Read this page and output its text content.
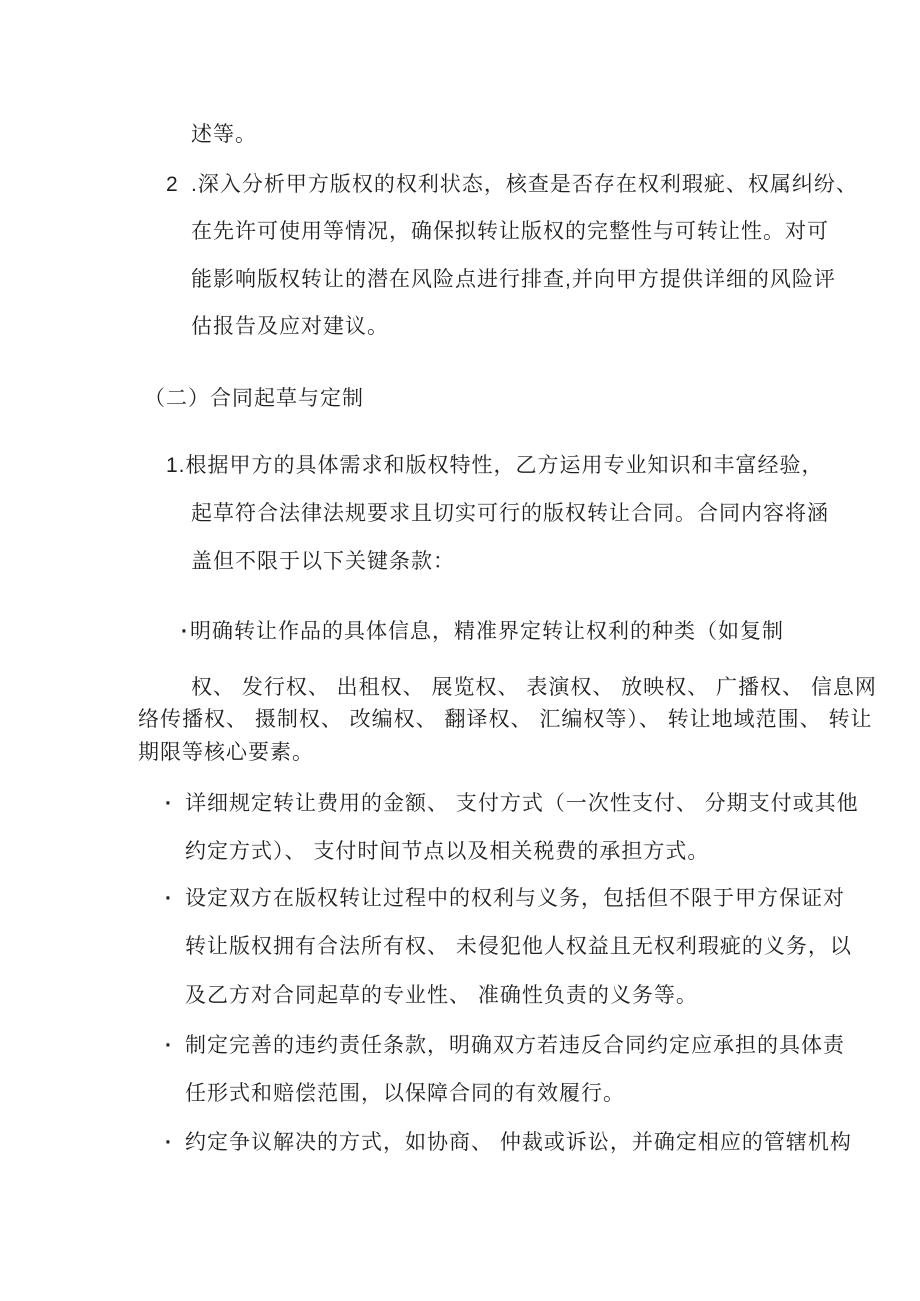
述等。
2 .深入分析甲方版权的权利状态，核查是否存在权利瑕疵、权属纠纷、
在先许可使用等情况，确保拟转让版权的完整性与可转让性。对可
能影响版权转让的潜在风险点进行排查,并向甲方提供详细的风险评
估报告及应对建议。
（二）合同起草与定制
1.根据甲方的具体需求和版权特性，乙方运用专业知识和丰富经验，
起草符合法律法规要求且切实可行的版权转让合同。合同内容将涵
盖但不限于以下关键条款：
· 明确转让作品的具体信息，精准界定转让权利的种类（如复制
权、 发行权、 出租权、 展览权、 表演权、 放映权、 广播权、 信息网
络传播权、 摄制权、 改编权、 翻译权、 汇编权等）、 转让地域范围、 转让
期限等核心要素。
· 详细规定转让费用的金额、 支付方式（一次性支付、 分期支付或其他
约定方式）、 支付时间节点以及相关税费的承担方式。
· 设定双方在版权转让过程中的权利与义务，包括但不限于甲方保证对
转让版权拥有合法所有权、 未侵犯他人权益且无权利瑕疵的义务，以
及乙方对合同起草的专业性、 准确性负责的义务等。
· 制定完善的违约责任条款，明确双方若违反合同约定应承担的具体责
任形式和赔偿范围，以保障合同的有效履行。
· 约定争议解决的方式，如协商、 仲裁或诉讼，并确定相应的管辖机构
